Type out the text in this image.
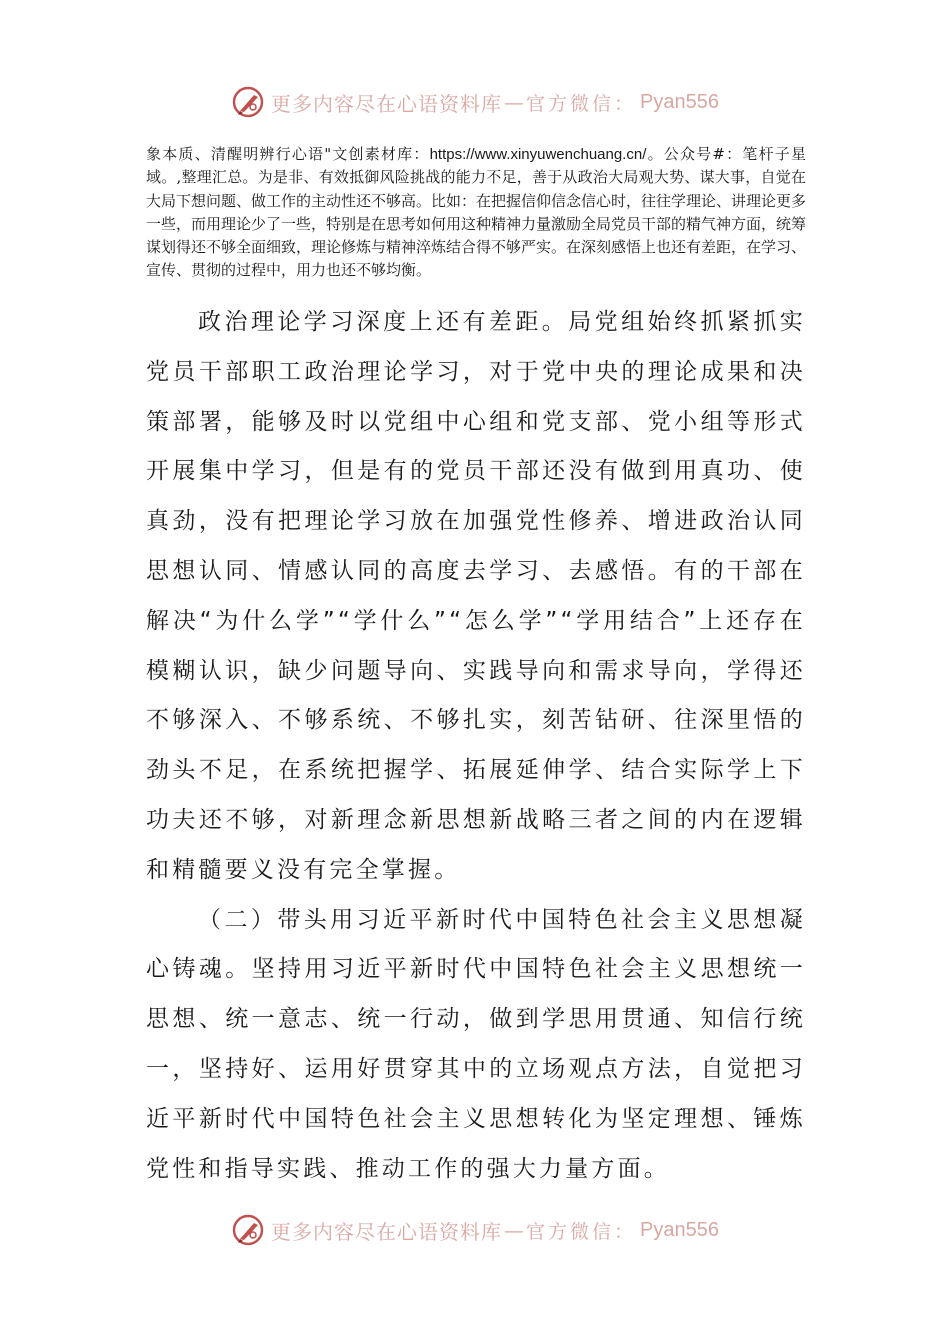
更多内容尽在心语资料库 — 官方微信： Pyan556

象本质、清醒明辨行心语"文创素材库：https://www.xinyuwenchuang.cn/。公众号#：笔杆子星域。,整理汇总。为是非、有效抵御风险挑战的能力不足，善于从政治大局观大势、谋大事，自觉在大局下想问题、做工作的主动性还不够高。比如：在把握信仰信念信心时，往往学理论、讲理论更多一些，而用理论少了一些，特别是在思考如何用这种精神力量激励全局党员干部的精气神方面，统筹谋划得还不够全面细致，理论修炼与精神淬炼结合得不够严实。在深刻感悟上也还有差距，在学习、宣传、贯彻的过程中，用力也还不够均衡。

政治理论学习深度上还有差距。局党组始终抓紧抓实党员干部职工政治理论学习，对于党中央的理论成果和决策部署，能够及时以党组中心组和党支部、党小组等形式开展集中学习，但是有的党员干部还没有做到用真功、使真劲，没有把理论学习放在加强党性修养、增进政治认同思想认同、情感认同的高度去学习、去感悟。有的干部在解决“为什么学”“学什么”“怎么学”“学用结合”上还存在模糊认识，缺少问题导向、实践导向和需求导向，学得还不够深入、不够系统、不够扎实，刻苦钻研、往深里悟的劲头不足，在系统把握学、拓展延伸学、结合实际学上下功夫还不够，对新理念新思想新战略三者之间的内在逻辑和精髓要义没有完全掌握。

（二）带头用习近平新时代中国特色社会主义思想凝心铸魂。坚持用习近平新时代中国特色社会主义思想统一思想、统一意志、统一行动，做到学思用贯通、知信行统一，坚持好、运用好贯穿其中的立场观点方法，自觉把习近平新时代中国特色社会主义思想转化为坚定理想、锤炼党性和指导实践、推动工作的强大力量方面。

更多内容尽在心语资料库 — 官方微信： Pyan556
